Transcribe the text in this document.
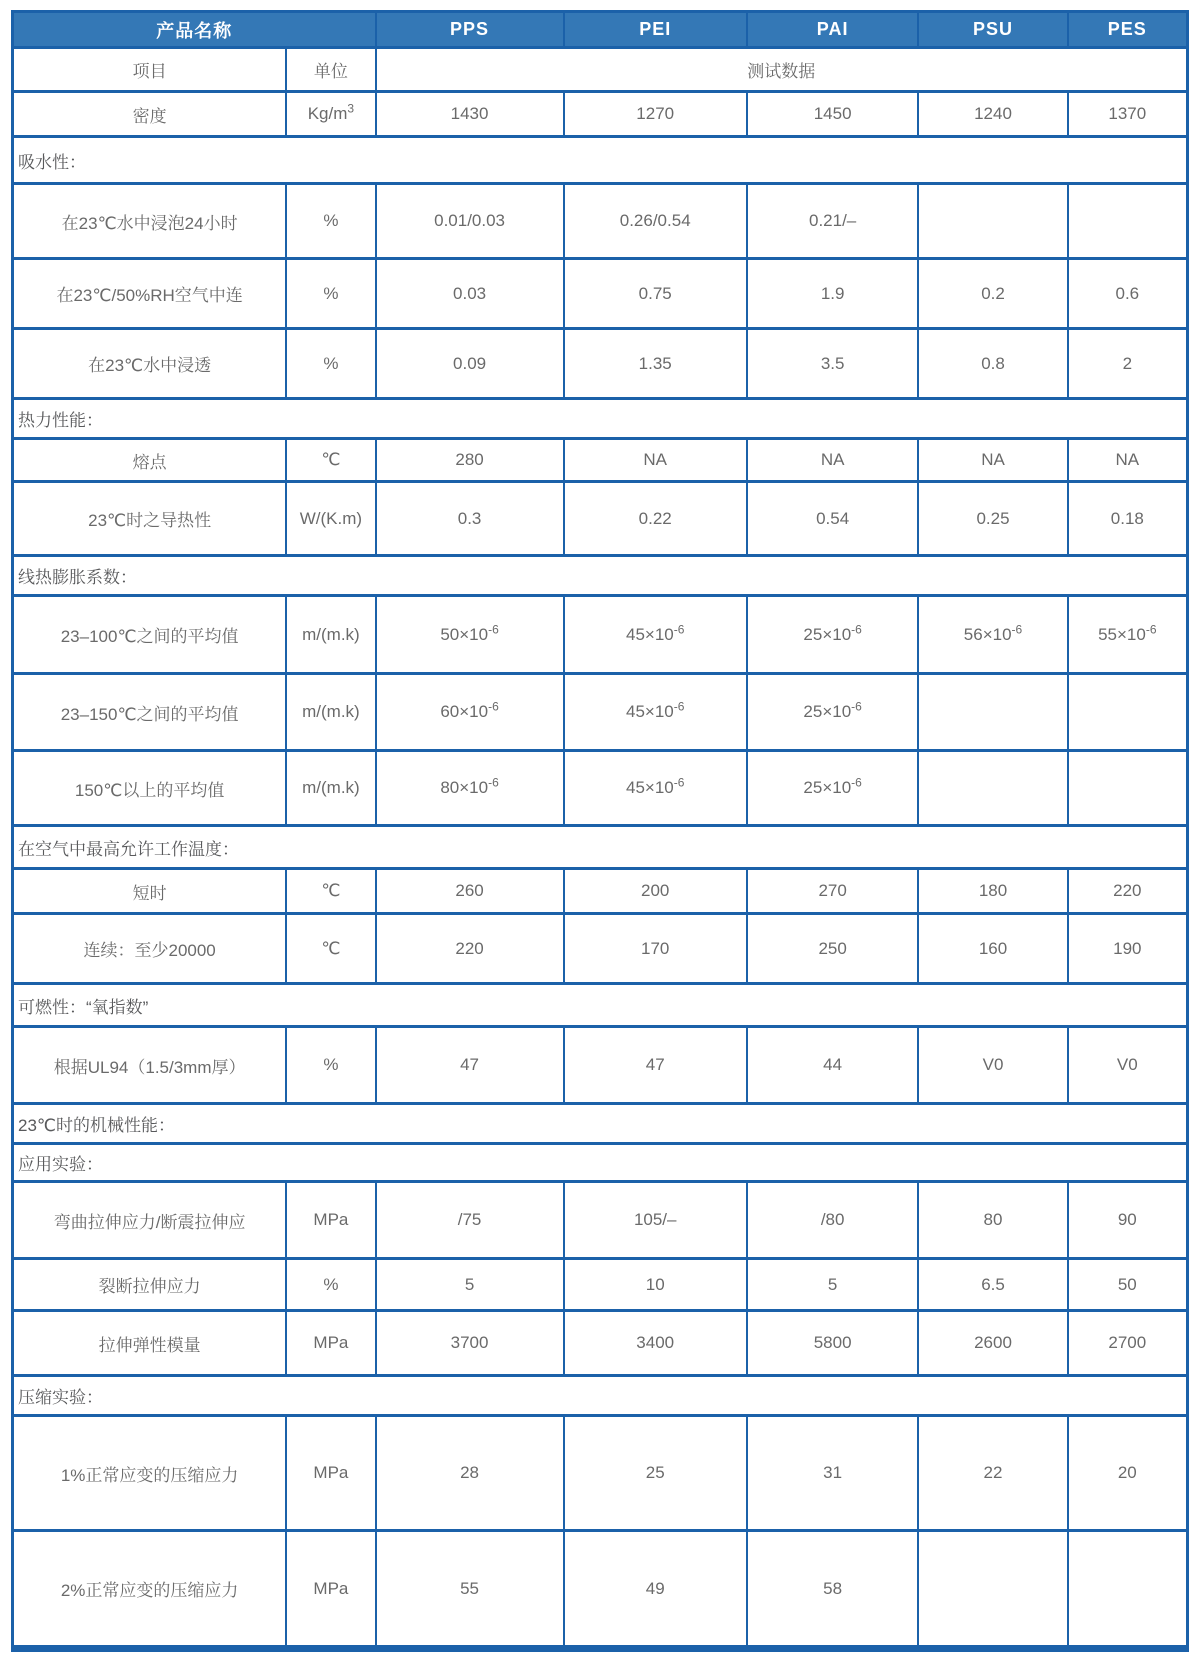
产品名称		PPS	PEI	PAI	PSU	PES
项目	单位	测试数据				
密度	$Kg/m^3$	1430	1270	1450	1240	1370
吸水性：						
在23℃水中浸泡24小时	%	0.01/0.03	0.26/0.54	0.21/–		
在23℃/50%RH空气中连	%	0.03	0.75	1.9	0.2	0.6
在23℃水中浸透	%	0.09	1.35	3.5	0.8	2
热力性能：						
熔点	℃	280	NA	NA	NA	NA
23℃时之导热性	W/(K.m)	0.3	0.22	0.54	0.25	0.18
线热膨胀系数：						
23–100℃之间的平均值	m/(m.k)	$50\times 10^{-6}$	$45\times 10^{-6}$	$25\times 10^{-6}$	$56\times 10^{-6}$	$55\times 10^{-6}$
23–150℃之间的平均值	m/(m.k)	$60\times 10^{-6}$	$45\times 10^{-6}$	$25\times 10^{-6}$		
150℃以上的平均值	m/(m.k)	$80\times 10^{-6}$	$45\times 10^{-6}$	$25\times 10^{-6}$		
在空气中最高允许工作温度：						
短时	℃	260	200	270	180	220
连续：至少20000	℃	220	170	250	160	190
可燃性：“氧指数”						
根据UL94（1.5/3mm厚）	%	47	47	44	V0	V0
23℃时的机械性能：						
应用实验：						
弯曲拉伸应力/断震拉伸应	MPa	/75	105/–	/80	80	90
裂断拉伸应力	%	5	10	5	6.5	50
拉伸弹性模量	MPa	3700	3400	5800	2600	2700
压缩实验：						
1%正常应变的压缩应力	MPa	28	25	31	22	20
2%正常应变的压缩应力	MPa	55	49	58		
